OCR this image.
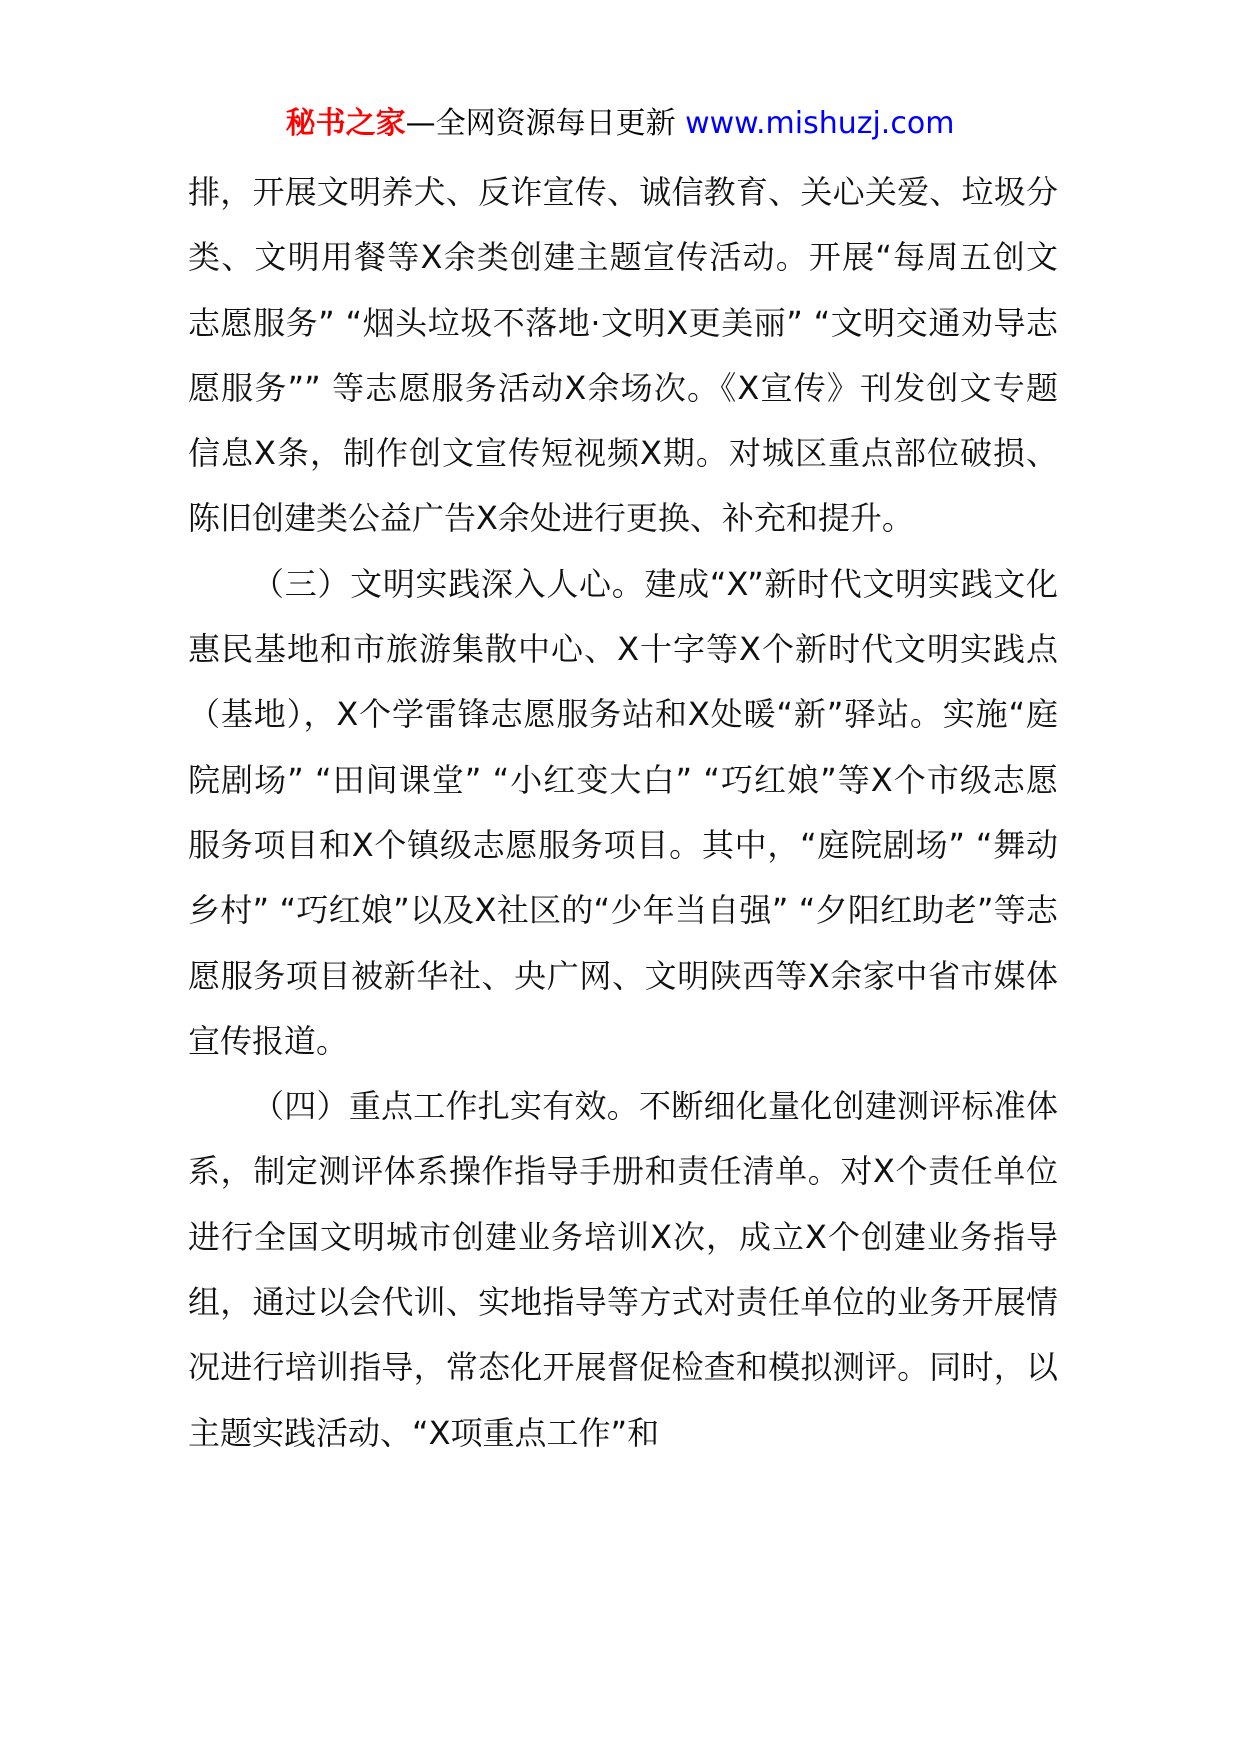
秘书之家—全网资源每日更新 www.mishuzj.com

排，开展文明养犬、反诈宣传、诚信教育、关心关爱、垃圾分类、文明用餐等X余类创建主题宣传活动。开展“每周五创文志愿服务” “烟头垃圾不落地·文明X更美丽” “文明交通劝导志愿服务”” 等志愿服务活动X余场次。《X宣传》刊发创文专题信息X条，制作创文宣传短视频X期。对城区重点部位破损、陈旧创建类公益广告X余处进行更换、补充和提升。

（三）文明实践深入人心。建成“X”新时代文明实践文化惠民基地和市旅游集散中心、X十字等X个新时代文明实践点（基地），X个学雷锋志愿服务站和X处暖“新”驿站。实施“庭院剧场” “田间课堂” “小红变大白” “巧红娘”等X个市级志愿服务项目和X个镇级志愿服务项目。其中，“庭院剧场” “舞动乡村” “巧红娘”以及X社区的“少年当自强” “夕阳红助老”等志愿服务项目被新华社、央广网、文明陕西等X余家中省市媒体宣传报道。

（四）重点工作扎实有效。不断细化量化创建测评标准体系，制定测评体系操作指导手册和责任清单。对X个责任单位进行全国文明城市创建业务培训X次，成立X个创建业务指导组，通过以会代训、实地指导等方式对责任单位的业务开展情况进行培训指导，常态化开展督促检查和模拟测评。同时，以主题实践活动、“X项重点工作”和
